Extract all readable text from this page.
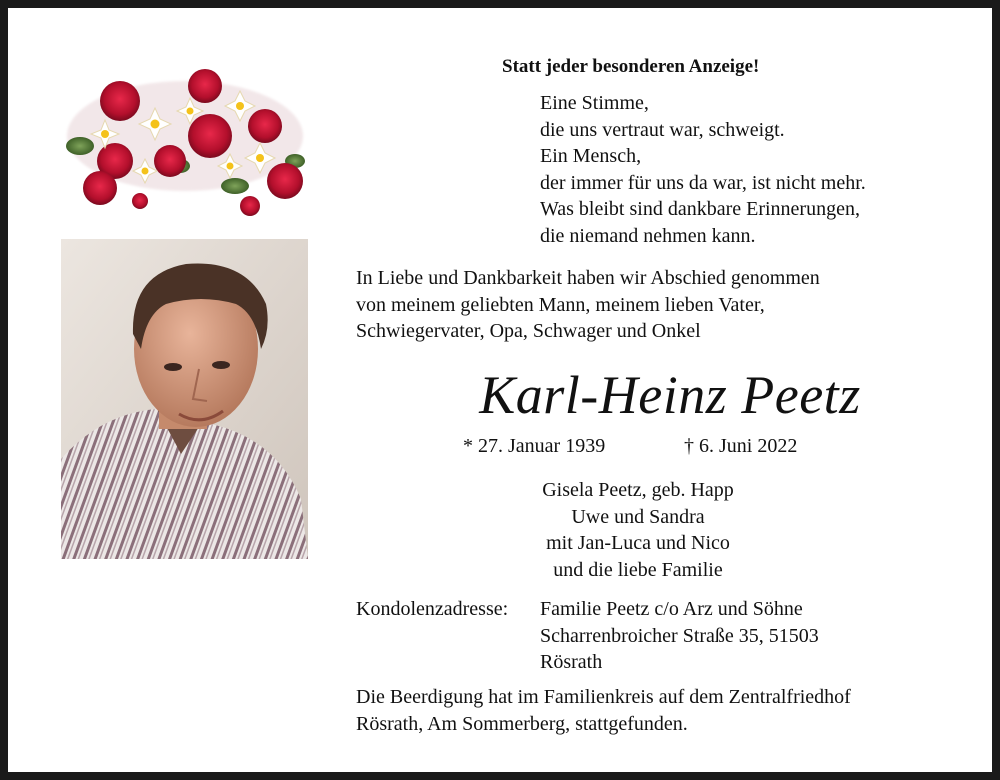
Statt jeder besonderen Anzeige!
Eine Stimme,
die uns vertraut war, schweigt.
Ein Mensch,
der immer für uns da war, ist nicht mehr.
Was bleibt sind dankbare Erinnerungen,
die niemand nehmen kann.
In Liebe und Dankbarkeit haben wir Abschied genommen
von meinem geliebten Mann, meinem lieben Vater,
Schwiegervater, Opa, Schwager und Onkel
Karl-Heinz Peetz
* 27. Januar 1939	† 6. Juni 2022
Gisela Peetz, geb. Happ
Uwe und Sandra
mit Jan-Luca und Nico
und die liebe Familie
Kondolenzadresse: Familie Peetz c/o Arz und Söhne
Scharrenbroicher Straße 35, 51503
Rösrath
Die Beerdigung hat im Familienkreis auf dem Zentralfriedhof
Rösrath, Am Sommerberg, stattgefunden.
